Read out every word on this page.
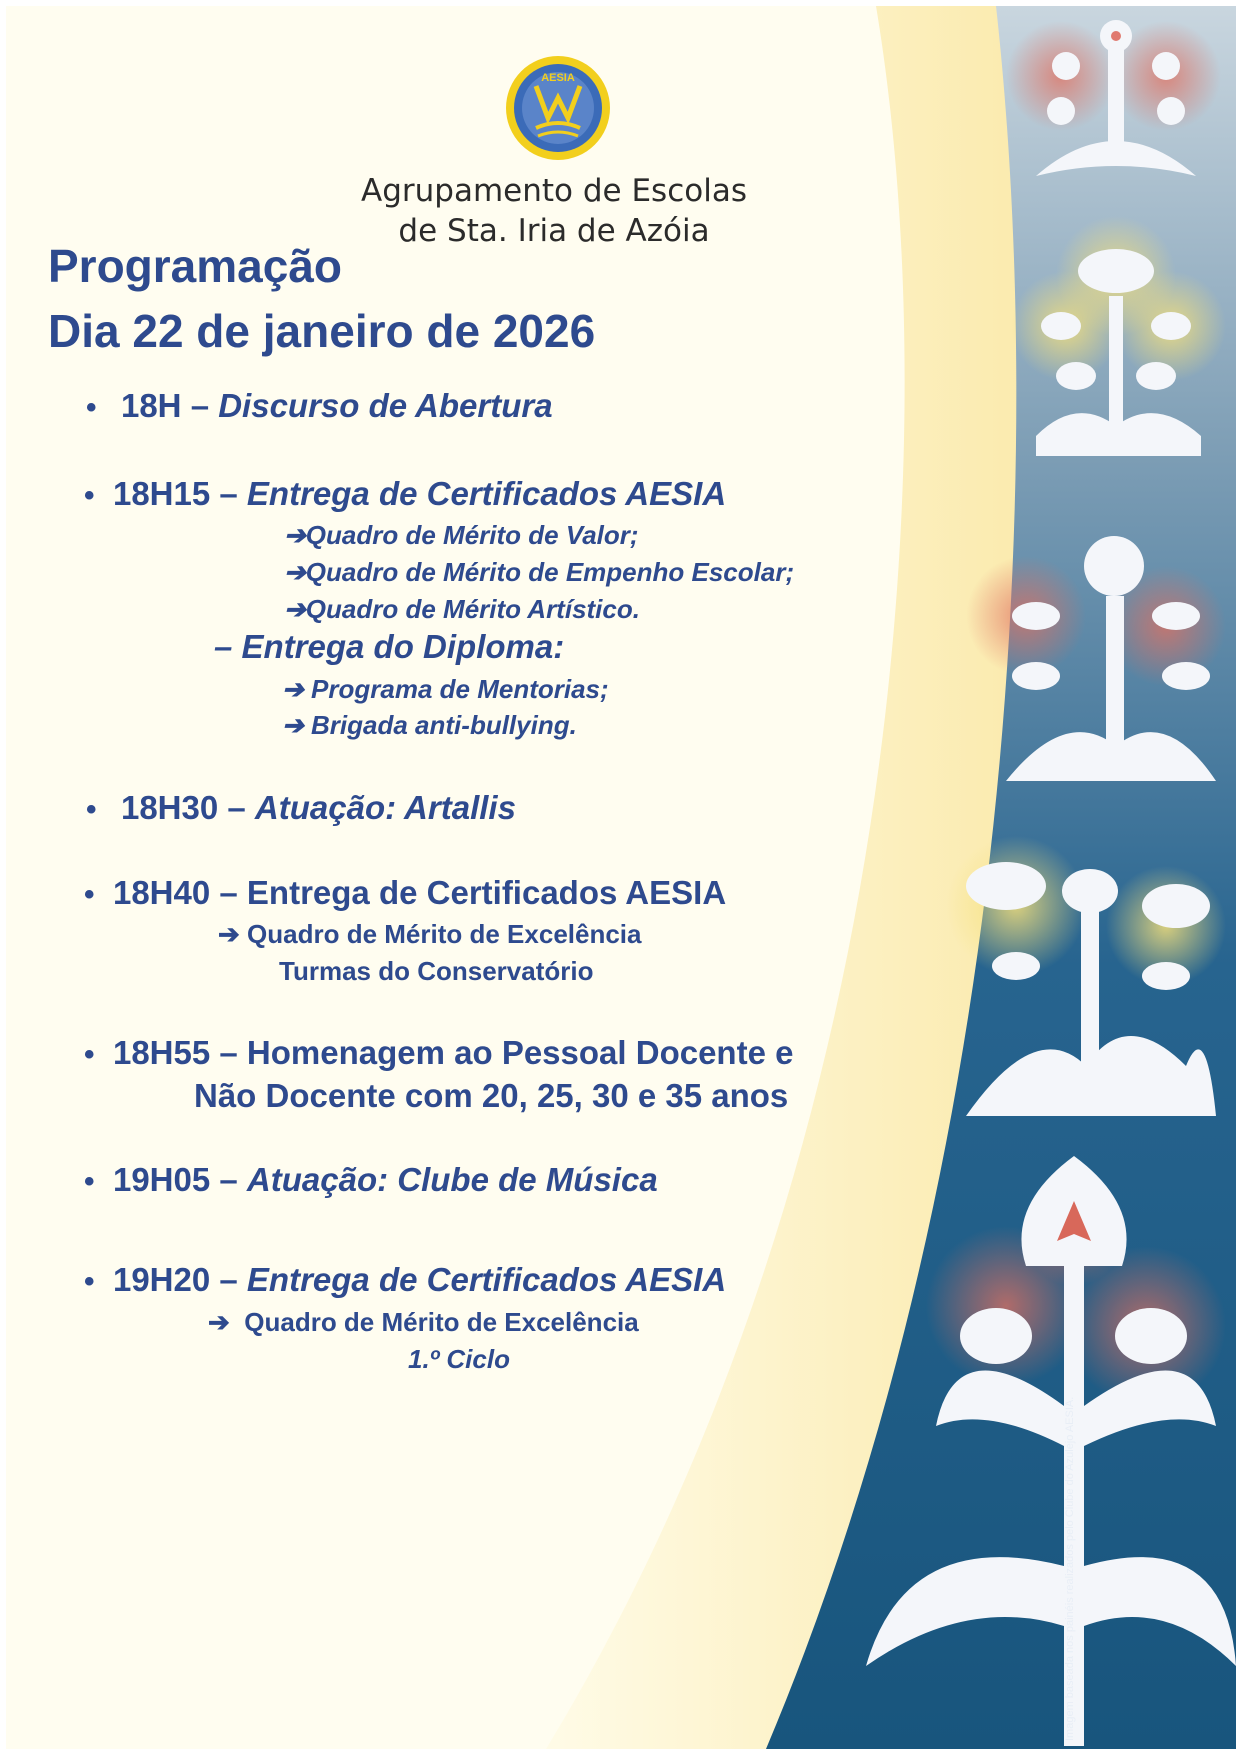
AESIA
Agrupamento de Escolas
de Sta. Iria de Azóia
Programação
Dia 22 de janeiro de 2026
• 18H – Discurso de Abertura
• 18H15 – Entrega de Certificados AESIA
➔Quadro de Mérito de Valor;
➔Quadro de Mérito de Empenho Escolar;
➔Quadro de Mérito Artístico.
– Entrega do Diploma:
➔ Programa de Mentorias;
➔ Brigada anti-bullying.
• 18H30 – Atuação: Artallis
• 18H40 – Entrega de Certificados AESIA
➔ Quadro de Mérito de Excelência
Turmas do Conservatório
• 18H55 – Homenagem ao Pessoal Docente e
Não Docente com 20, 25, 30 e 35 anos
• 19H05 – Atuação: Clube de Música
• 19H20 – Entrega de Certificados AESIA
➔ Quadro de Mérito de Excelência
1.º Ciclo
Imagem baseada nos painéis realizados pelo Clube do Azulejo AESIA.
